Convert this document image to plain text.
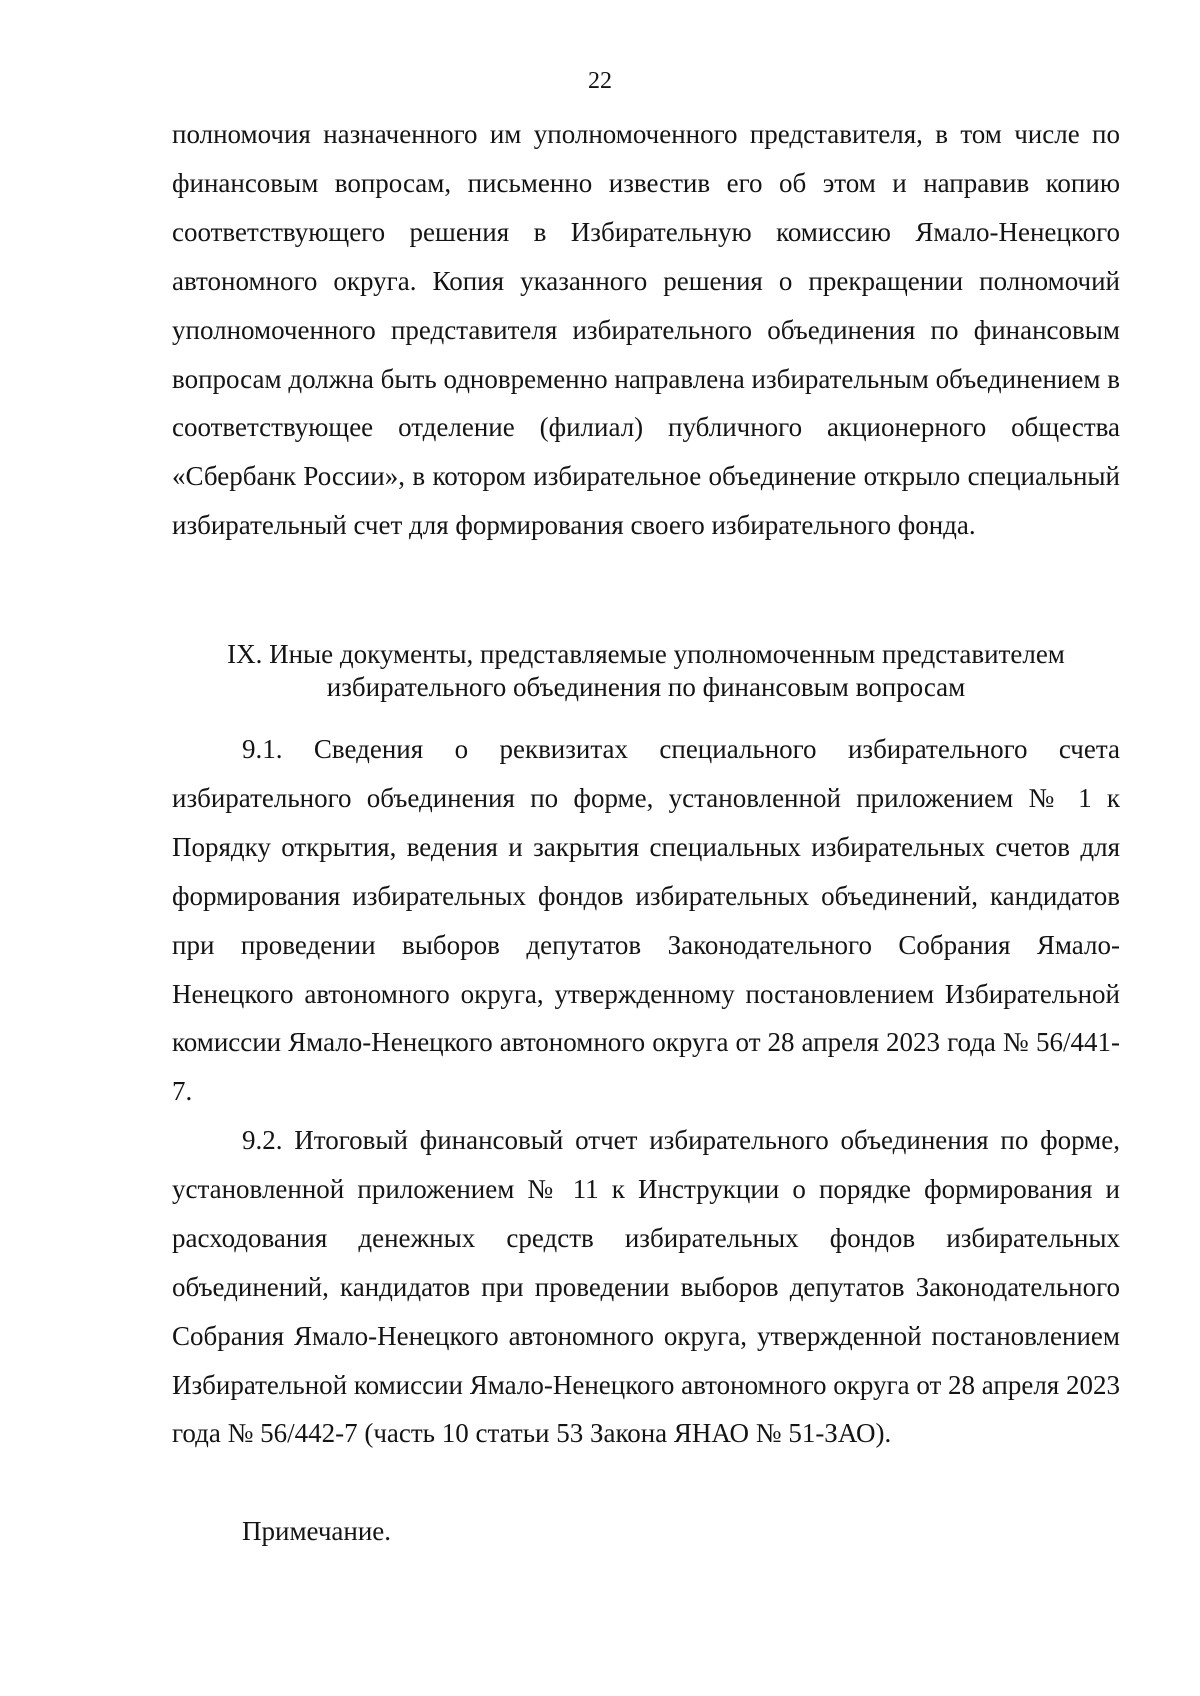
22

полномочия назначенного им уполномоченного представителя, в том числе по финансовым вопросам, письменно известив его об этом и направив копию соответствующего решения в Избирательную комиссию Ямало-Ненецкого автономного округа. Копия указанного решения о прекращении полномочий уполномоченного представителя избирательного объединения по финансовым вопросам должна быть одновременно направлена избирательным объединением в соответствующее отделение (филиал) публичного акционерного общества «Сбербанк России», в котором избирательное объединение открыло специальный избирательный счет для формирования своего избирательного фонда.

IX. Иные документы, представляемые уполномоченным представителем
избирательного объединения по финансовым вопросам

9.1. Сведения о реквизитах специального избирательного счета избирательного объединения по форме, установленной приложением № 1 к Порядку открытия, ведения и закрытия специальных избирательных счетов для формирования избирательных фондов избирательных объединений, кандидатов при проведении выборов депутатов Законодательного Собрания Ямало-Ненецкого автономного округа, утвержденному постановлением Избирательной комиссии Ямало-Ненецкого автономного округа от 28 апреля 2023 года № 56/441-7.

9.2. Итоговый финансовый отчет избирательного объединения по форме, установленной приложением № 11 к Инструкции о порядке формирования и расходования денежных средств избирательных фондов избирательных объединений, кандидатов при проведении выборов депутатов Законодательного Собрания Ямало-Ненецкого автономного округа, утвержденной постановлением Избирательной комиссии Ямало-Ненецкого автономного округа от 28 апреля 2023 года № 56/442-7 (часть 10 статьи 53 Закона ЯНАО № 51-ЗАО).

Примечание.
